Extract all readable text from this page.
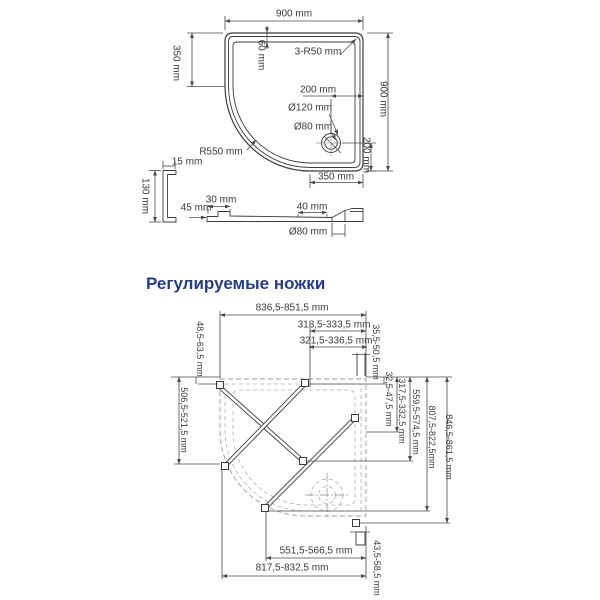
900 mm
350 mm	60 mm	3-R50 mm
200 mm
Ø120 mm
Ø80 mm
900 mm
R550 mm
350 mm
200 mm
15 mm
130 mm	30 mm
45 mm	40 mm
Ø80 mm
Регулируемые ножки
836,5-851,5 mm
318,5-333,5 mm
321,5-336,5 mm
48,5-63,5 mm	35,5-50,5 mm
506,5-521,5 mm	32,5-47,5 mm 317,5-332,5 mm 559,5-574,5 mm 807,5-822,5mm 846,5-861,5 mm
551,5-566,5 mm
817,5-832,5 mm	43,5-58,5 mm
